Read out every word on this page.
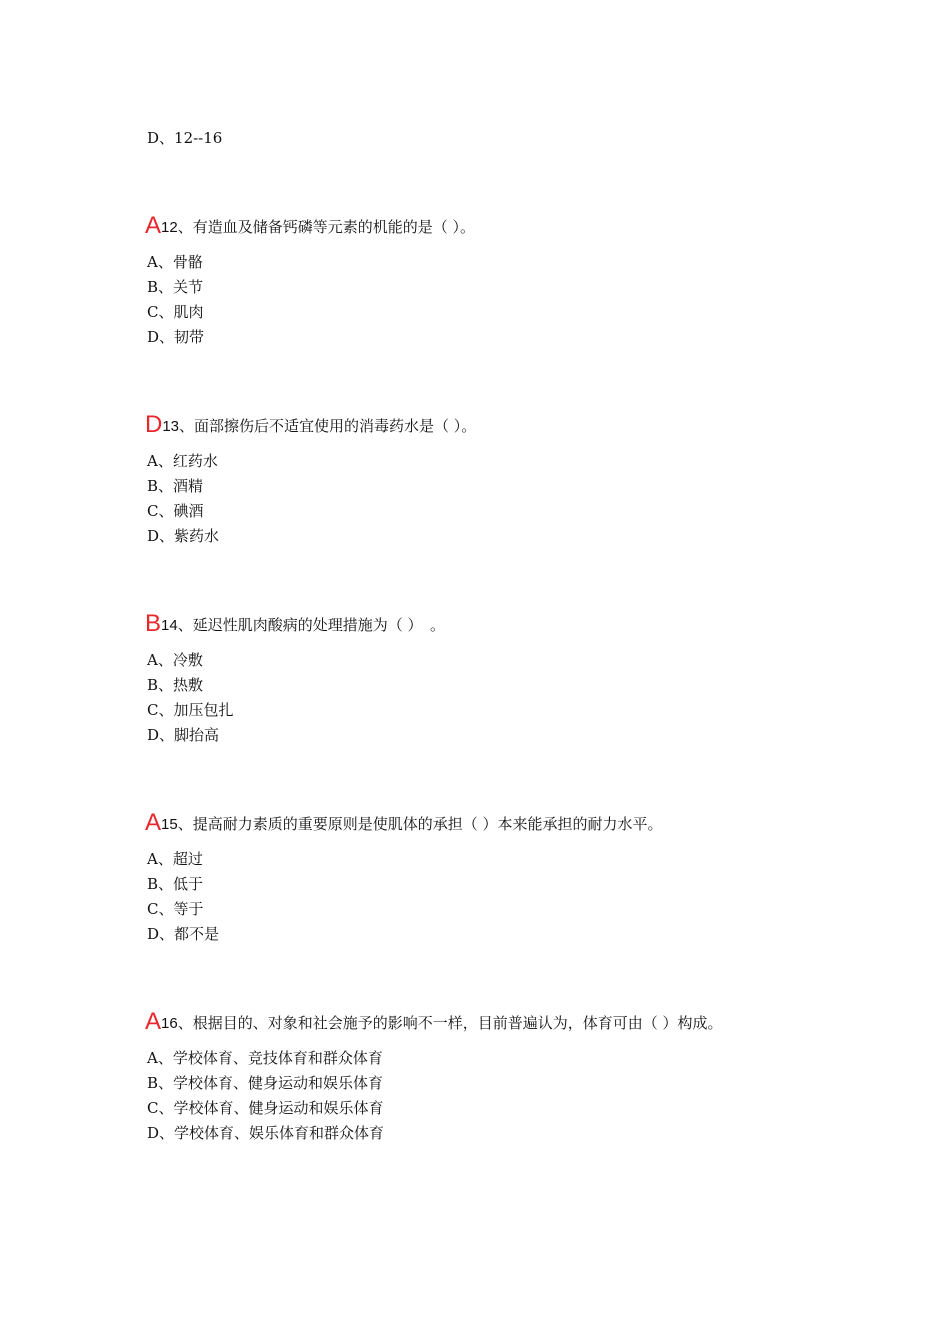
D、12--16
A12、有造血及储备钙磷等元素的机能的是（ ）。
A、骨骼
B、关节
C、肌肉
D、韧带
D13、面部擦伤后不适宜使用的消毒药水是（ ）。
A、红药水
B、酒精
C、碘酒
D、紫药水
B14、延迟性肌肉酸病的处理措施为（ ）　。
A、冷敷
B、热敷
C、加压包扎
D、脚抬高
A15、提高耐力素质的重要原则是使肌体的承担（ ）本来能承担的耐力水平。
A、超过
B、低于
C、等于
D、都不是
A16、根据目的、对象和社会施予的影响不一样，目前普遍认为，体育可由（ ）构成。
A、学校体育、竞技体育和群众体育
B、学校体育、健身运动和娱乐体育
C、学校体育、健身运动和娱乐体育
D、学校体育、娱乐体育和群众体育
